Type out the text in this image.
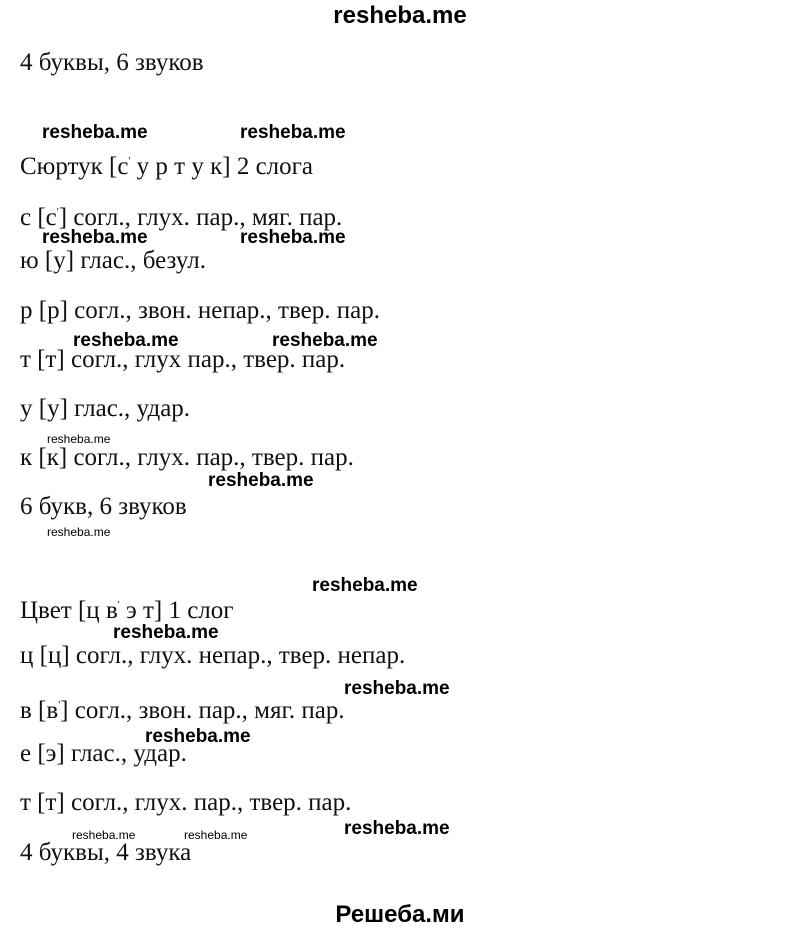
resheba.me
4 буквы, 6 звуков
Сюртук [с' у р т у к] 2 слога
с [с'] согл., глух. пар., мяг. пар.
ю [у] глас., безул.
р [р] согл., звон. непар., твер. пар.
т [т] согл., глух пар., твер. пар.
у [у] глас., удар.
к [к] согл., глух. пар., твер. пар.
6 букв, 6 звуков
Цвет [ц в' э т] 1 слог
ц [ц] согл., глух. непар., твер. непар.
в [в'] согл., звон. пар., мяг. пар.
е [э] глас., удар.
т [т] согл., глух. пар., твер. пар.
4 буквы, 4 звука
resheba.me	resheba.me
resheba.me	resheba.me
resheba.me	resheba.me
resheba.me
resheba.me
resheba.me
resheba.me
resheba.me
resheba.me
resheba.me
resheba.me
resheba.me	resheba.me
Решеба.ми
